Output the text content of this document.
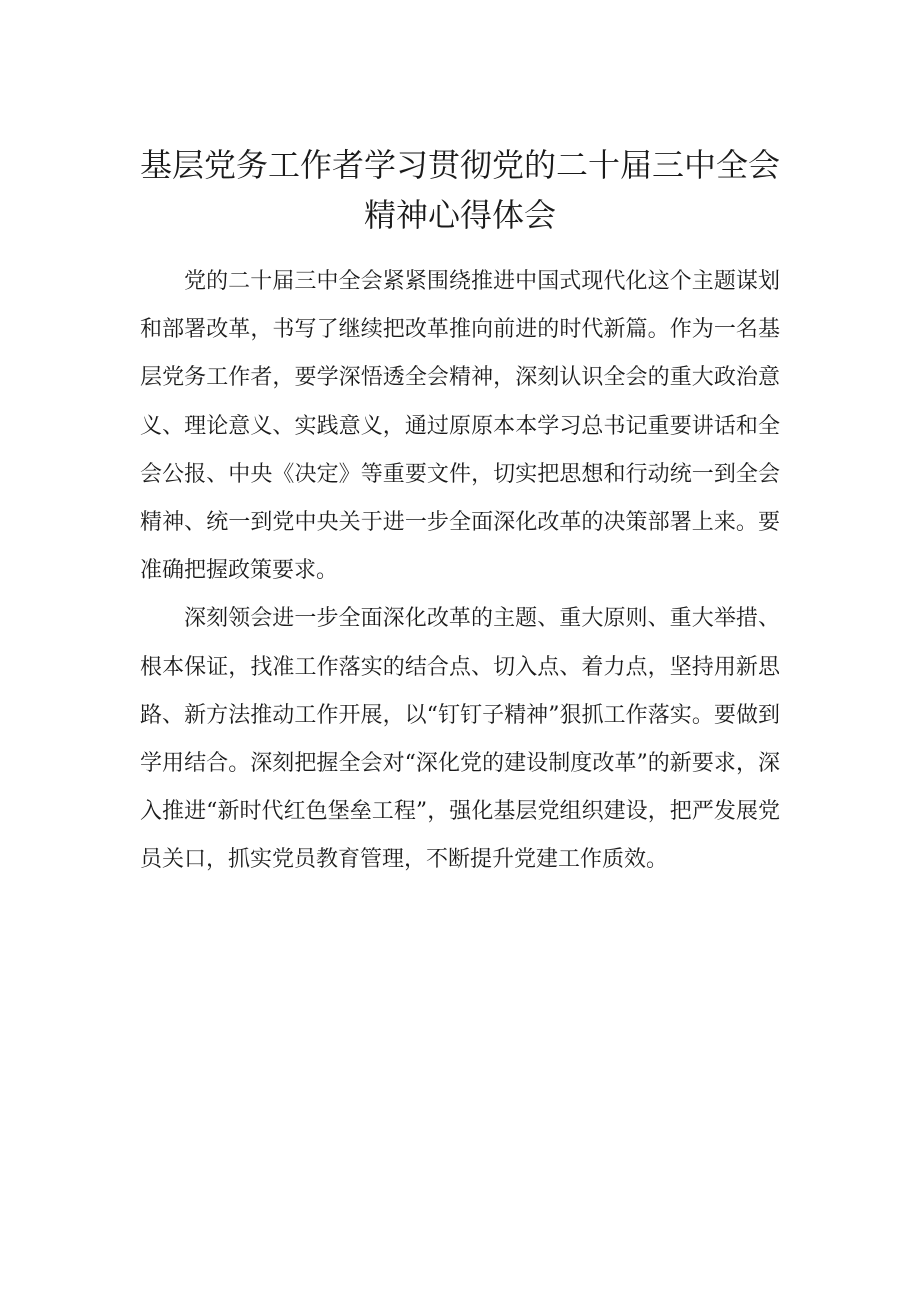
基层党务工作者学习贯彻党的二十届三中全会
精神心得体会

党的二十届三中全会紧紧围绕推进中国式现代化这个主题谋划和部署改革，书写了继续把改革推向前进的时代新篇。作为一名基层党务工作者，要学深悟透全会精神，深刻认识全会的重大政治意义、理论意义、实践意义，通过原原本本学习总书记重要讲话和全会公报、中央《决定》等重要文件，切实把思想和行动统一到全会精神、统一到党中央关于进一步全面深化改革的决策部署上来。要准确把握政策要求。

深刻领会进一步全面深化改革的主题、重大原则、重大举措、根本保证，找准工作落实的结合点、切入点、着力点，坚持用新思路、新方法推动工作开展，以“钉钉子精神”狠抓工作落实。要做到学用结合。深刻把握全会对“深化党的建设制度改革”的新要求，深入推进“新时代红色堡垒工程”，强化基层党组织建设，把严发展党员关口，抓实党员教育管理，不断提升党建工作质效。
